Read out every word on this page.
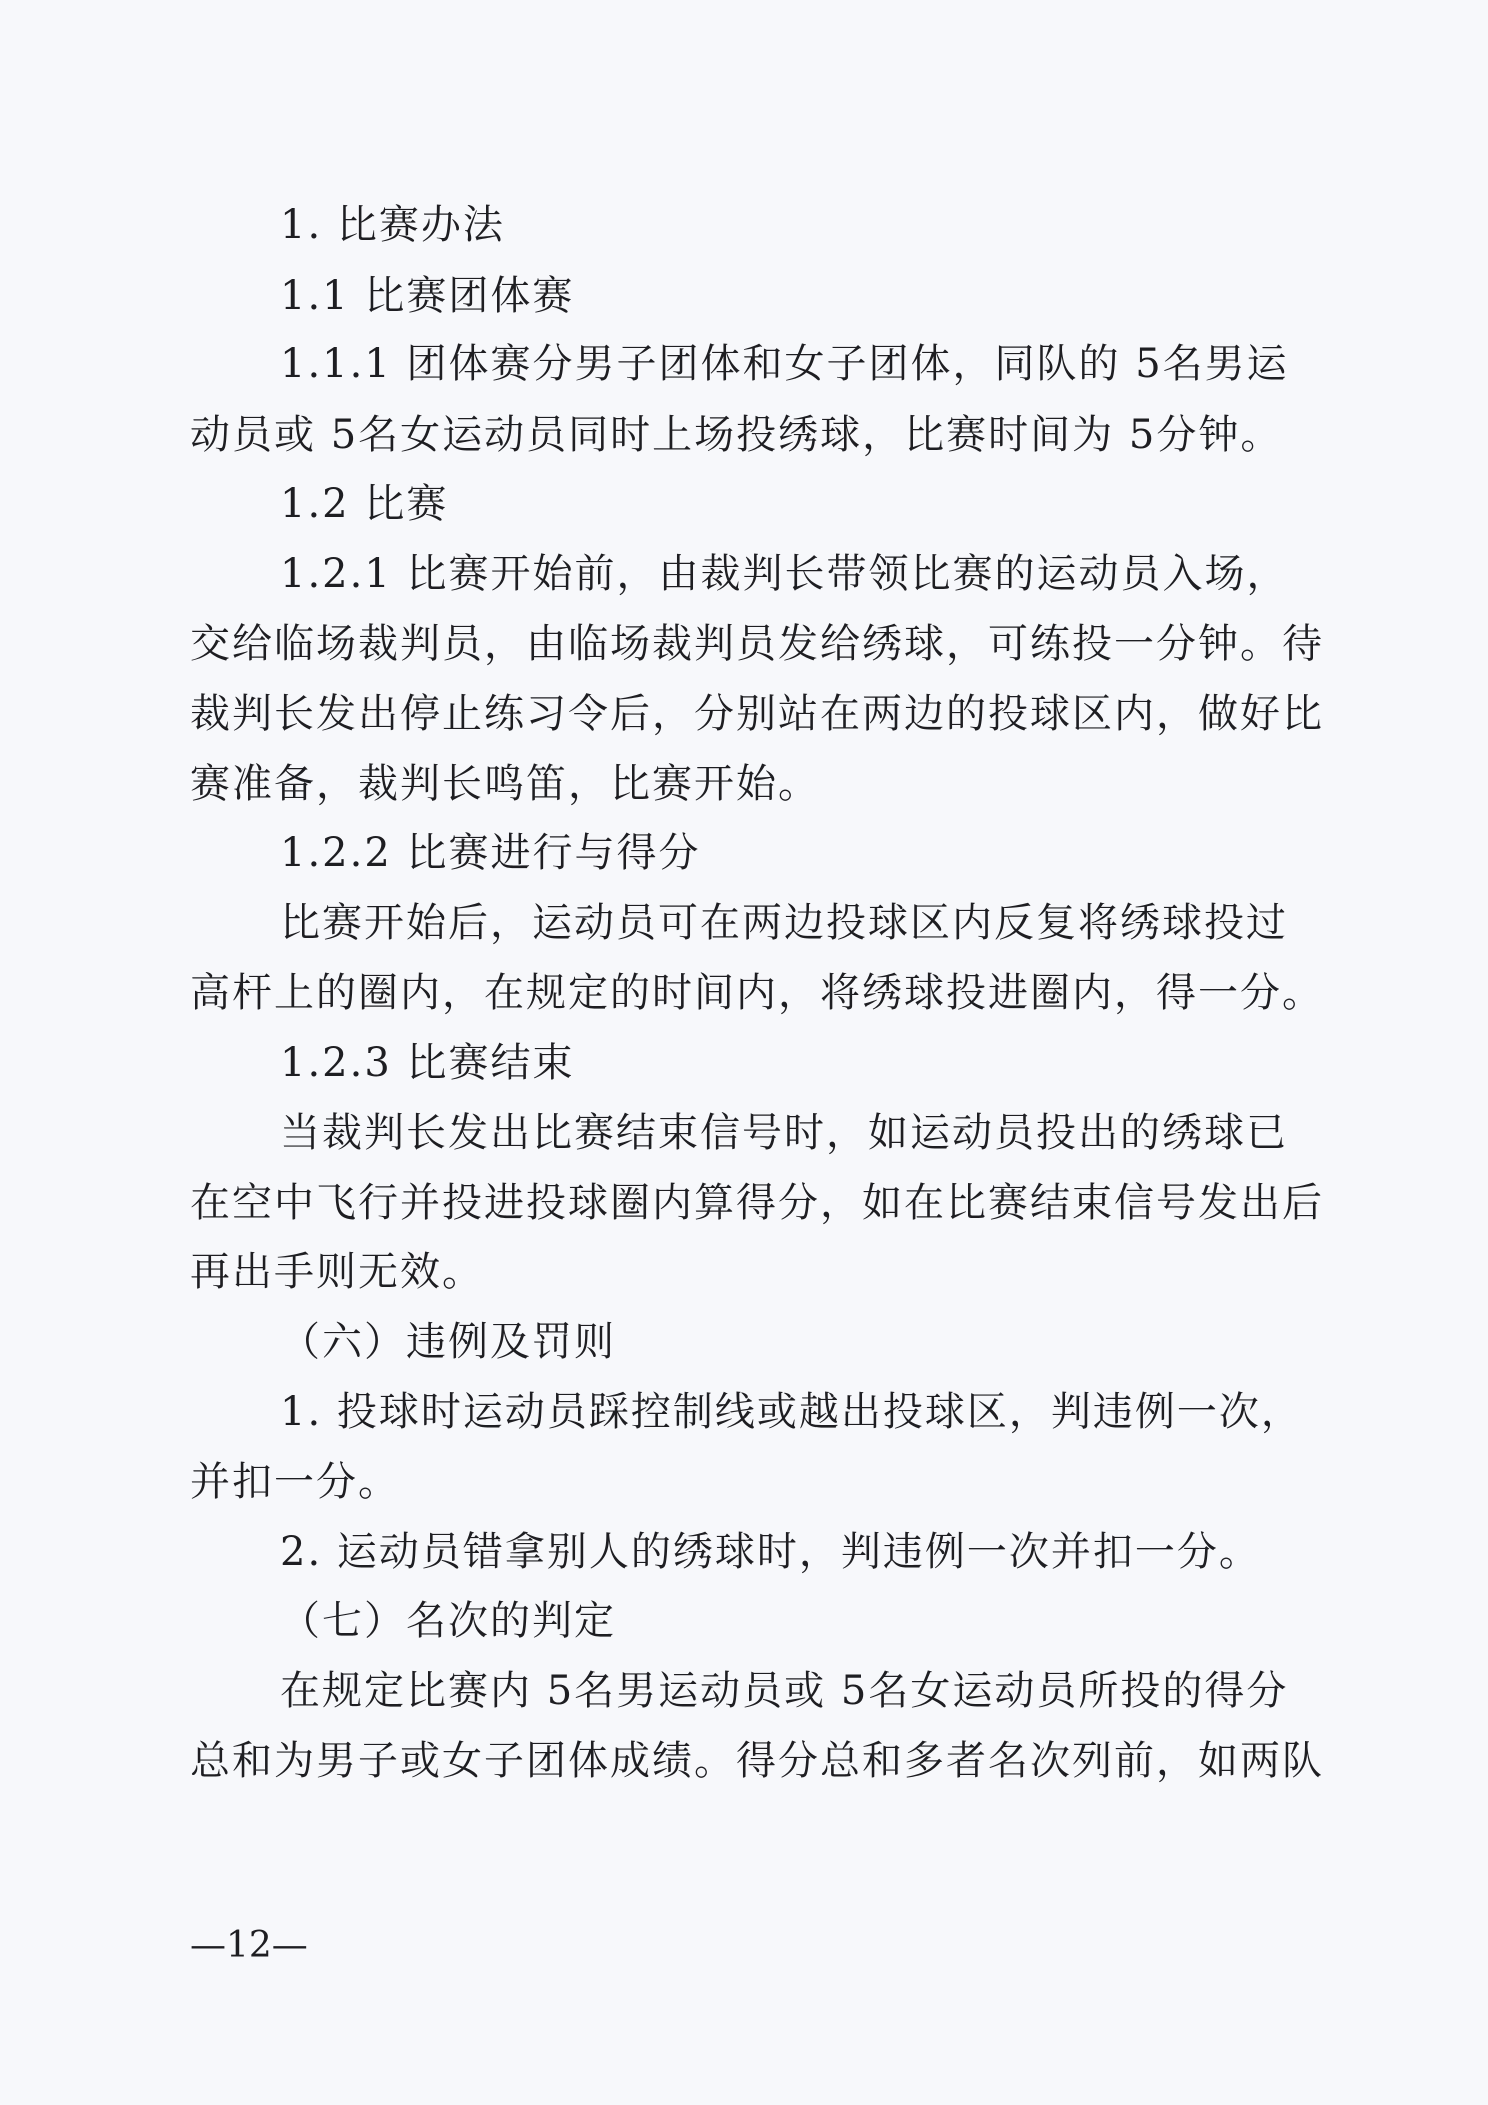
1. 比赛办法
1.1 比赛团体赛
1.1.1 团体赛分男子团体和女子团体，同队的 5名男运
动员或 5名女运动员同时上场投绣球，比赛时间为 5分钟。
1.2 比赛
1.2.1 比赛开始前，由裁判长带领比赛的运动员入场，
交给临场裁判员，由临场裁判员发给绣球，可练投一分钟。待
裁判长发出停止练习令后，分别站在两边的投球区内，做好比
赛准备，裁判长鸣笛，比赛开始。
1.2.2 比赛进行与得分
比赛开始后，运动员可在两边投球区内反复将绣球投过
高杆上的圈内，在规定的时间内，将绣球投进圈内，得一分。
1.2.3 比赛结束
当裁判长发出比赛结束信号时，如运动员投出的绣球已
在空中飞行并投进投球圈内算得分，如在比赛结束信号发出后
再出手则无效。
（六）违例及罚则
1. 投球时运动员踩控制线或越出投球区，判违例一次，
并扣一分。
2. 运动员错拿别人的绣球时，判违例一次并扣一分。
（七）名次的判定
在规定比赛内 5名男运动员或 5名女运动员所投的得分
总和为男子或女子团体成绩。得分总和多者名次列前，如两队
—12—
